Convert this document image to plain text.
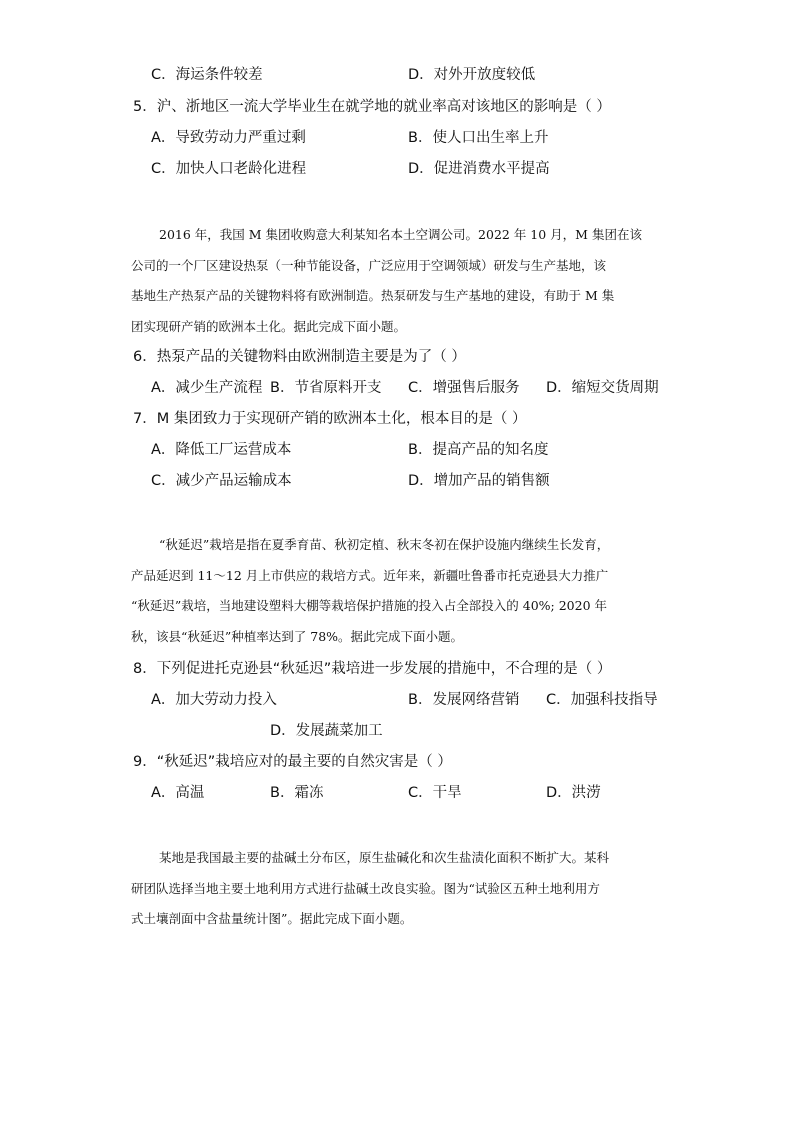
C．海运条件较差	D．对外开放度较低
5．沪、浙地区一流大学毕业生在就学地的就业率高对该地区的影响是（ ）
A．导致劳动力严重过剩	B．使人口出生率上升
C．加快人口老龄化进程	D．促进消费水平提高
2016 年，我国 M 集团收购意大利某知名本土空调公司。2022 年 10 月，M 集团在该
公司的一个厂区建设热泵（一种节能设备，广泛应用于空调领域）研发与生产基地，该
基地生产热泵产品的关键物料将有欧洲制造。热泵研发与生产基地的建设，有助于 M 集
团实现研产销的欧洲本土化。据此完成下面小题。
6．热泵产品的关键物料由欧洲制造主要是为了（ ）
A．减少生产流程 B．节省原料开支 C．增强售后服务 D．缩短交货周期
7．M 集团致力于实现研产销的欧洲本土化，根本目的是（ ）
A．降低工厂运营成本	B．提高产品的知名度
C．减少产品运输成本	D．增加产品的销售额
“秋延迟”栽培是指在夏季育苗、秋初定植、秋末冬初在保护设施内继续生长发育，
产品延迟到 11～12 月上市供应的栽培方式。近年来，新疆吐鲁番市托克逊县大力推广
“秋延迟”栽培，当地建设塑料大棚等栽培保护措施的投入占全部投入的 40%; 2020 年
秋，该县“秋延迟”种植率达到了 78%。据此完成下面小题。
8．下列促进托克逊县“秋延迟”栽培进一步发展的措施中，不合理的是（ ）
A．加大劳动力投入	B．发展网络营销 C．加强科技指导
D．发展蔬菜加工
9．“秋延迟”栽培应对的最主要的自然灾害是（ ）
A．高温	B．霜冻	C．干旱	D．洪涝
某地是我国最主要的盐碱土分布区，原生盐碱化和次生盐渍化面积不断扩大。某科
研团队选择当地主要土地利用方式进行盐碱土改良实验。图为“试验区五种土地利用方
式土壤剖面中含盐量统计图”。据此完成下面小题。
